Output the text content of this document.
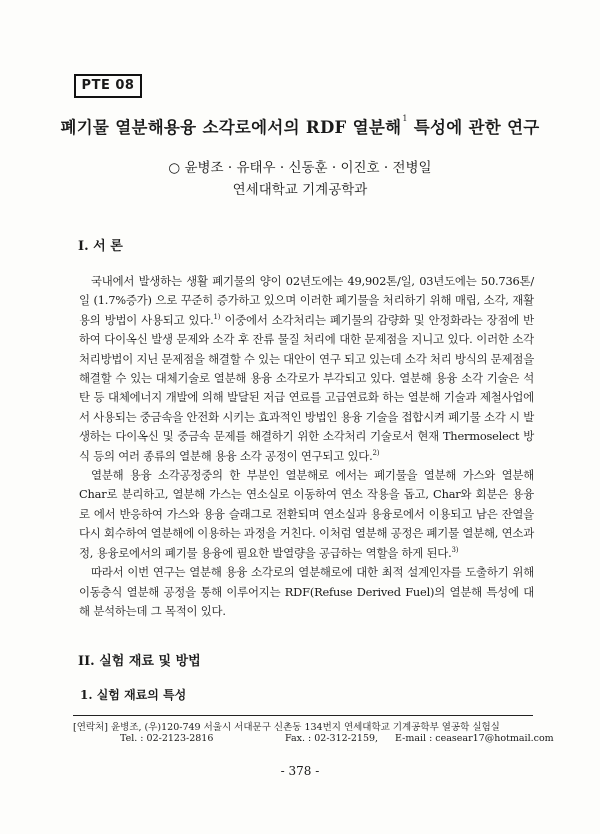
PTE 08
폐기물 열분해용융 소각로에서의 RDF 열분해$^1$ 특성에 관한 연구
○ 윤병조 · 유태우 · 신동훈 · 이진호 · 전병일
연세대학교 기계공학과
I. 서 론

국내에서 발생하는 생활 폐기물의 양이 02년도에는 49,902톤/일, 03년도에는 50.736톤/일 (1.7%증가) 으로 꾸준히 증가하고 있으며 이러한 폐기물을 처리하기 위해 매립, 소각, 재활용의 방법이 사용되고 있다.$^{1)}$ 이중에서 소각처리는 폐기물의 감량화 및 안정화라는 장점에 반하여 다이옥신 발생 문제와 소각 후 잔류 물질 처리에 대한 문제점을 지니고 있다. 이러한 소각처리방법이 지닌 문제점을 해결할 수 있는 대안이 연구 되고 있는데 소각 처리 방식의 문제점을 해결할 수 있는 대체기술로 열분해 용융 소각로가 부각되고 있다. 열분해 용융 소각 기술은 석탄 등 대체에너지 개발에 의해 발달된 저급 연료를 고급연료화 하는 열분해 기술과 제철사업에서 사용되는 중금속을 안전화 시키는 효과적인 방법인 용융 기술을 접합시켜 폐기물 소각 시 발생하는 다이옥신 및 중금속 문제를 해결하기 위한 소각처리 기술로서 현재 Thermoselect 방식 등의 여러 종류의 열분해 용융 소각 공정이 연구되고 있다.$^{2)}$

열분해 용융 소각공정중의 한 부분인 열분해로 에서는 폐기물을 열분해 가스와 열분해 Char로 분리하고, 열분해 가스는 연소실로 이동하여 연소 작용을 돕고, Char와 회분은 용융로 에서 반응하여 가스와 용융 슬래그로 전환되며 연소실과 용융로에서 이용되고 남은 잔열을 다시 회수하여 열분해에 이용하는 과정을 거친다. 이처럼 열분해 공정은 폐기물 열분해, 연소과정, 용융로에서의 폐기물 용융에 필요한 발열량을 공급하는 역할을 하게 된다.$^{3)}$

따라서 이번 연구는 열분해 용융 소각로의 열분해로에 대한 최적 설계인자를 도출하기 위해 이동층식 열분해 공정을 통해 이루어지는 RDF(Refuse Derived Fuel)의 열분해 특성에 대해 분석하는데 그 목적이 있다.

II. 실험 재료 및 방법
1. 실험 재료의 특성
[연락처] 윤병조, (우)120-749 서울시 서대문구 신촌동 134번지 연세대학교 기계공학부 열공학 실험실
Tel. : 02-2123-2816	Fax. : 02-312-2159, E-mail : ceasear17@hotmail.com
- 378 -
